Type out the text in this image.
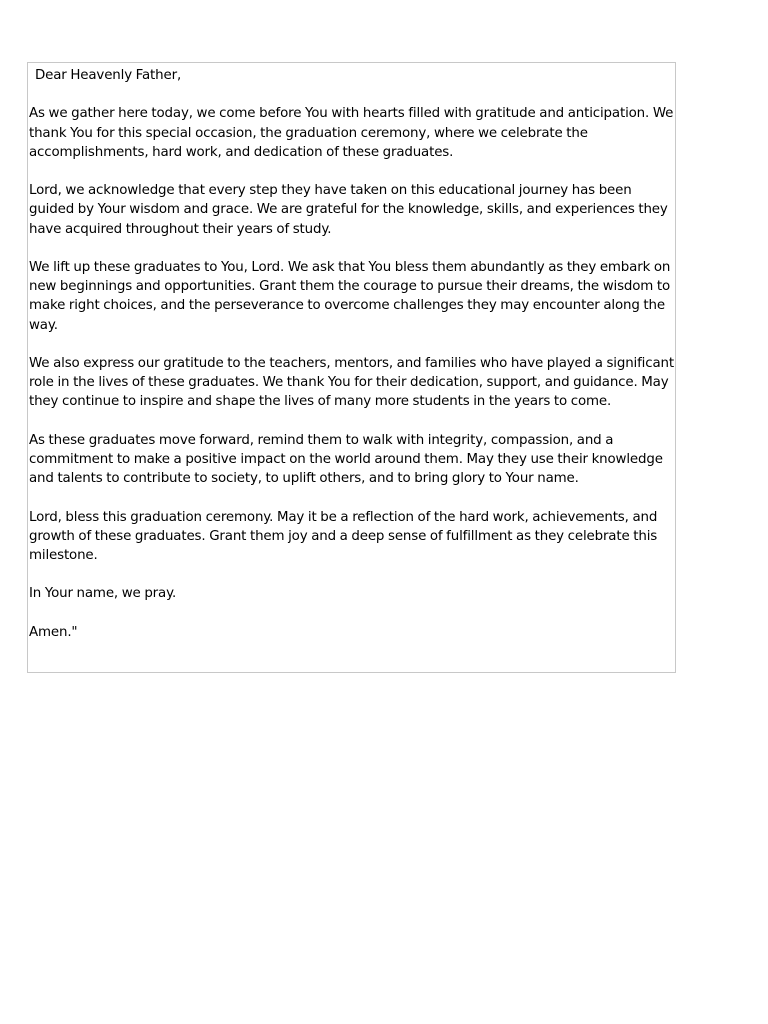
Dear Heavenly Father,

As we gather here today, we come before You with hearts filled with gratitude and anticipation. We thank You for this special occasion, the graduation ceremony, where we celebrate the accomplishments, hard work, and dedication of these graduates.

Lord, we acknowledge that every step they have taken on this educational journey has been guided by Your wisdom and grace. We are grateful for the knowledge, skills, and experiences they have acquired throughout their years of study.

We lift up these graduates to You, Lord. We ask that You bless them abundantly as they embark on new beginnings and opportunities. Grant them the courage to pursue their dreams, the wisdom to make right choices, and the perseverance to overcome challenges they may encounter along the way.

We also express our gratitude to the teachers, mentors, and families who have played a significant role in the lives of these graduates. We thank You for their dedication, support, and guidance. May they continue to inspire and shape the lives of many more students in the years to come.

As these graduates move forward, remind them to walk with integrity, compassion, and a commitment to make a positive impact on the world around them. May they use their knowledge and talents to contribute to society, to uplift others, and to bring glory to Your name.

Lord, bless this graduation ceremony. May it be a reflection of the hard work, achievements, and growth of these graduates. Grant them joy and a deep sense of fulfillment as they celebrate this milestone.

In Your name, we pray.

Amen."
